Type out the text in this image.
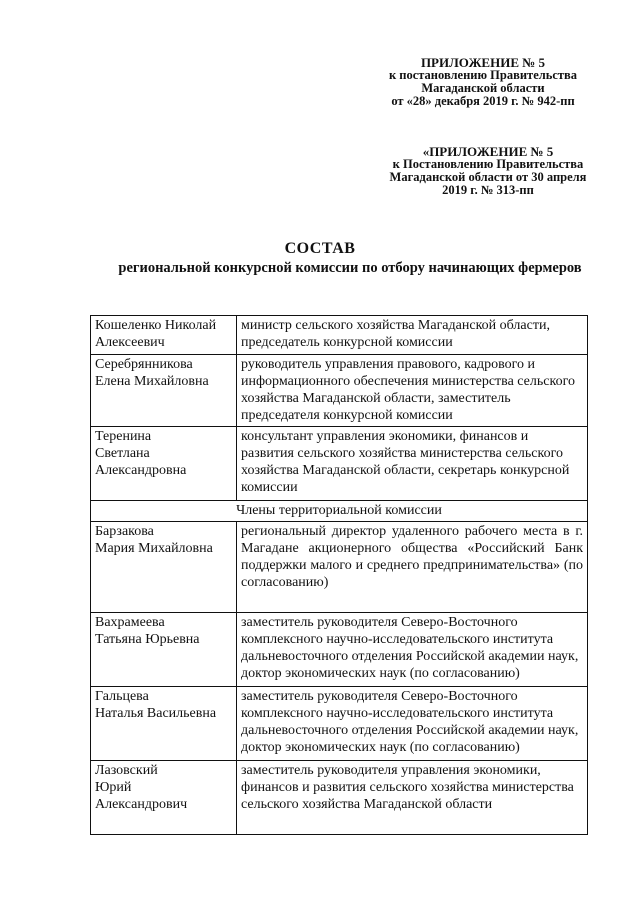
ПРИЛОЖЕНИЕ № 5
к постановлению Правительства
Магаданской области
от «28» декабря 2019 г. № 942-пп
«ПРИЛОЖЕНИЕ № 5
к Постановлению Правительства
Магаданской области от 30 апреля
2019 г. № 313-пп
СОСТАВ
региональной конкурсной комиссии по отбору начинающих фермеров
Кошеленко Николай
Алексеевич	министр сельского хозяйства Магаданской области, председатель конкурсной комиссии

Серебрянникова
Елена Михайловна	руководитель управления правового, кадрового и информационного обеспечения министерства сельского хозяйства Магаданской области, заместитель председателя конкурсной комиссии

Теренина
Светлана
Александровна	консультант управления экономики, финансов и развития сельского хозяйства министерства сельского хозяйства Магаданской области, секретарь конкурсной комиссии

Члены территориальной комиссии	

Барзакова
Мария Михайловна	региональный директор удаленного рабочего места в г. Магадане акционерного общества «Российский Банк поддержки малого и среднего предпринимательства» (по согласованию)

Вахрамеева
Татьяна Юрьевна	заместитель руководителя Северо-Восточного комплексного научно-исследовательского института дальневосточного отделения Российской академии наук, доктор экономических наук (по согласованию)

Гальцева
Наталья Васильевна	заместитель руководителя Северо-Восточного комплексного научно-исследовательского института дальневосточного отделения Российской академии наук, доктор экономических наук (по согласованию)

Лазовский
Юрий
Александрович	заместитель руководителя управления экономики, финансов и развития сельского хозяйства министерства сельского хозяйства Магаданской области
